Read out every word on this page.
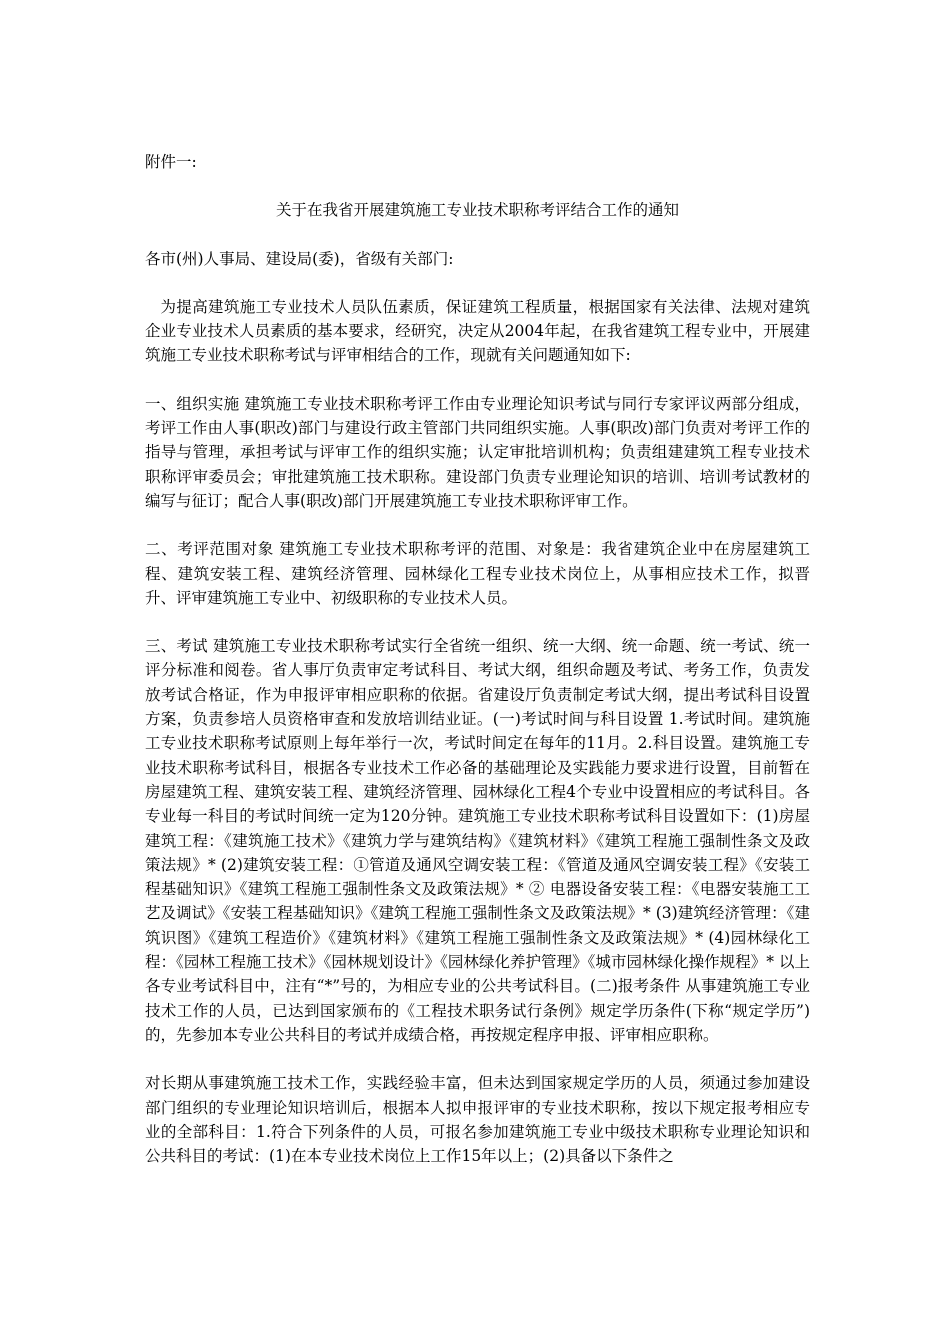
附件一:

关于在我省开展建筑施工专业技术职称考评结合工作的通知

各市(州)人事局、建设局(委)，省级有关部门:

为提高建筑施工专业技术人员队伍素质，保证建筑工程质量，根据国家有关法律、法规对建筑企业专业技术人员素质的基本要求，经研究，决定从2004年起，在我省建筑工程专业中，开展建筑施工专业技术职称考试与评审相结合的工作，现就有关问题通知如下:

一、组织实施 建筑施工专业技术职称考评工作由专业理论知识考试与同行专家评议两部分组成，考评工作由人事(职改)部门与建设行政主管部门共同组织实施。人事(职改)部门负责对考评工作的指导与管理，承担考试与评审工作的组织实施；认定审批培训机构；负责组建建筑工程专业技术职称评审委员会；审批建筑施工技术职称。建设部门负责专业理论知识的培训、培训考试教材的编写与征订；配合人事(职改)部门开展建筑施工专业技术职称评审工作。

二、考评范围对象 建筑施工专业技术职称考评的范围、对象是：我省建筑企业中在房屋建筑工程、建筑安装工程、建筑经济管理、园林绿化工程专业技术岗位上，从事相应技术工作，拟晋升、评审建筑施工专业中、初级职称的专业技术人员。

三、考试 建筑施工专业技术职称考试实行全省统一组织、统一大纲、统一命题、统一考试、统一评分标准和阅卷。省人事厅负责审定考试科目、考试大纲，组织命题及考试、考务工作，负责发放考试合格证，作为申报评审相应职称的依据。省建设厅负责制定考试大纲，提出考试科目设置方案，负责参培人员资格审查和发放培训结业证。(一)考试时间与科目设置 1.考试时间。建筑施工专业技术职称考试原则上每年举行一次，考试时间定在每年的11月。2.科目设置。建筑施工专业技术职称考试科目，根据各专业技术工作必备的基础理论及实践能力要求进行设置，目前暂在房屋建筑工程、建筑安装工程、建筑经济管理、园林绿化工程4个专业中设置相应的考试科目。各专业每一科目的考试时间统一定为120分钟。建筑施工专业技术职称考试科目设置如下：(1)房屋建筑工程：《建筑施工技术》《建筑力学与建筑结构》《建筑材料》《建筑工程施工强制性条文及政策法规》* (2)建筑安装工程：①管道及通风空调安装工程：《管道及通风空调安装工程》《安装工程基础知识》《建筑工程施工强制性条文及政策法规》* ② 电器设备安装工程：《电器安装施工工艺及调试》《安装工程基础知识》《建筑工程施工强制性条文及政策法规》* (3)建筑经济管理：《建筑识图》《建筑工程造价》《建筑材料》《建筑工程施工强制性条文及政策法规》* (4)园林绿化工程：《园林工程施工技术》《园林规划设计》《园林绿化养护管理》《城市园林绿化操作规程》* 以上各专业考试科目中，注有“*”号的，为相应专业的公共考试科目。(二)报考条件 从事建筑施工专业技术工作的人员，已达到国家颁布的《工程技术职务试行条例》规定学历条件(下称“规定学历”)的，先参加本专业公共科目的考试并成绩合格，再按规定程序申报、评审相应职称。

对长期从事建筑施工技术工作，实践经验丰富，但未达到国家规定学历的人员，须通过参加建设部门组织的专业理论知识培训后，根据本人拟申报评审的专业技术职称，按以下规定报考相应专业的全部科目：1.符合下列条件的人员，可报名参加建筑施工专业中级技术职称专业理论知识和公共科目的考试：(1)在本专业技术岗位上工作15年以上；(2)具备以下条件之
